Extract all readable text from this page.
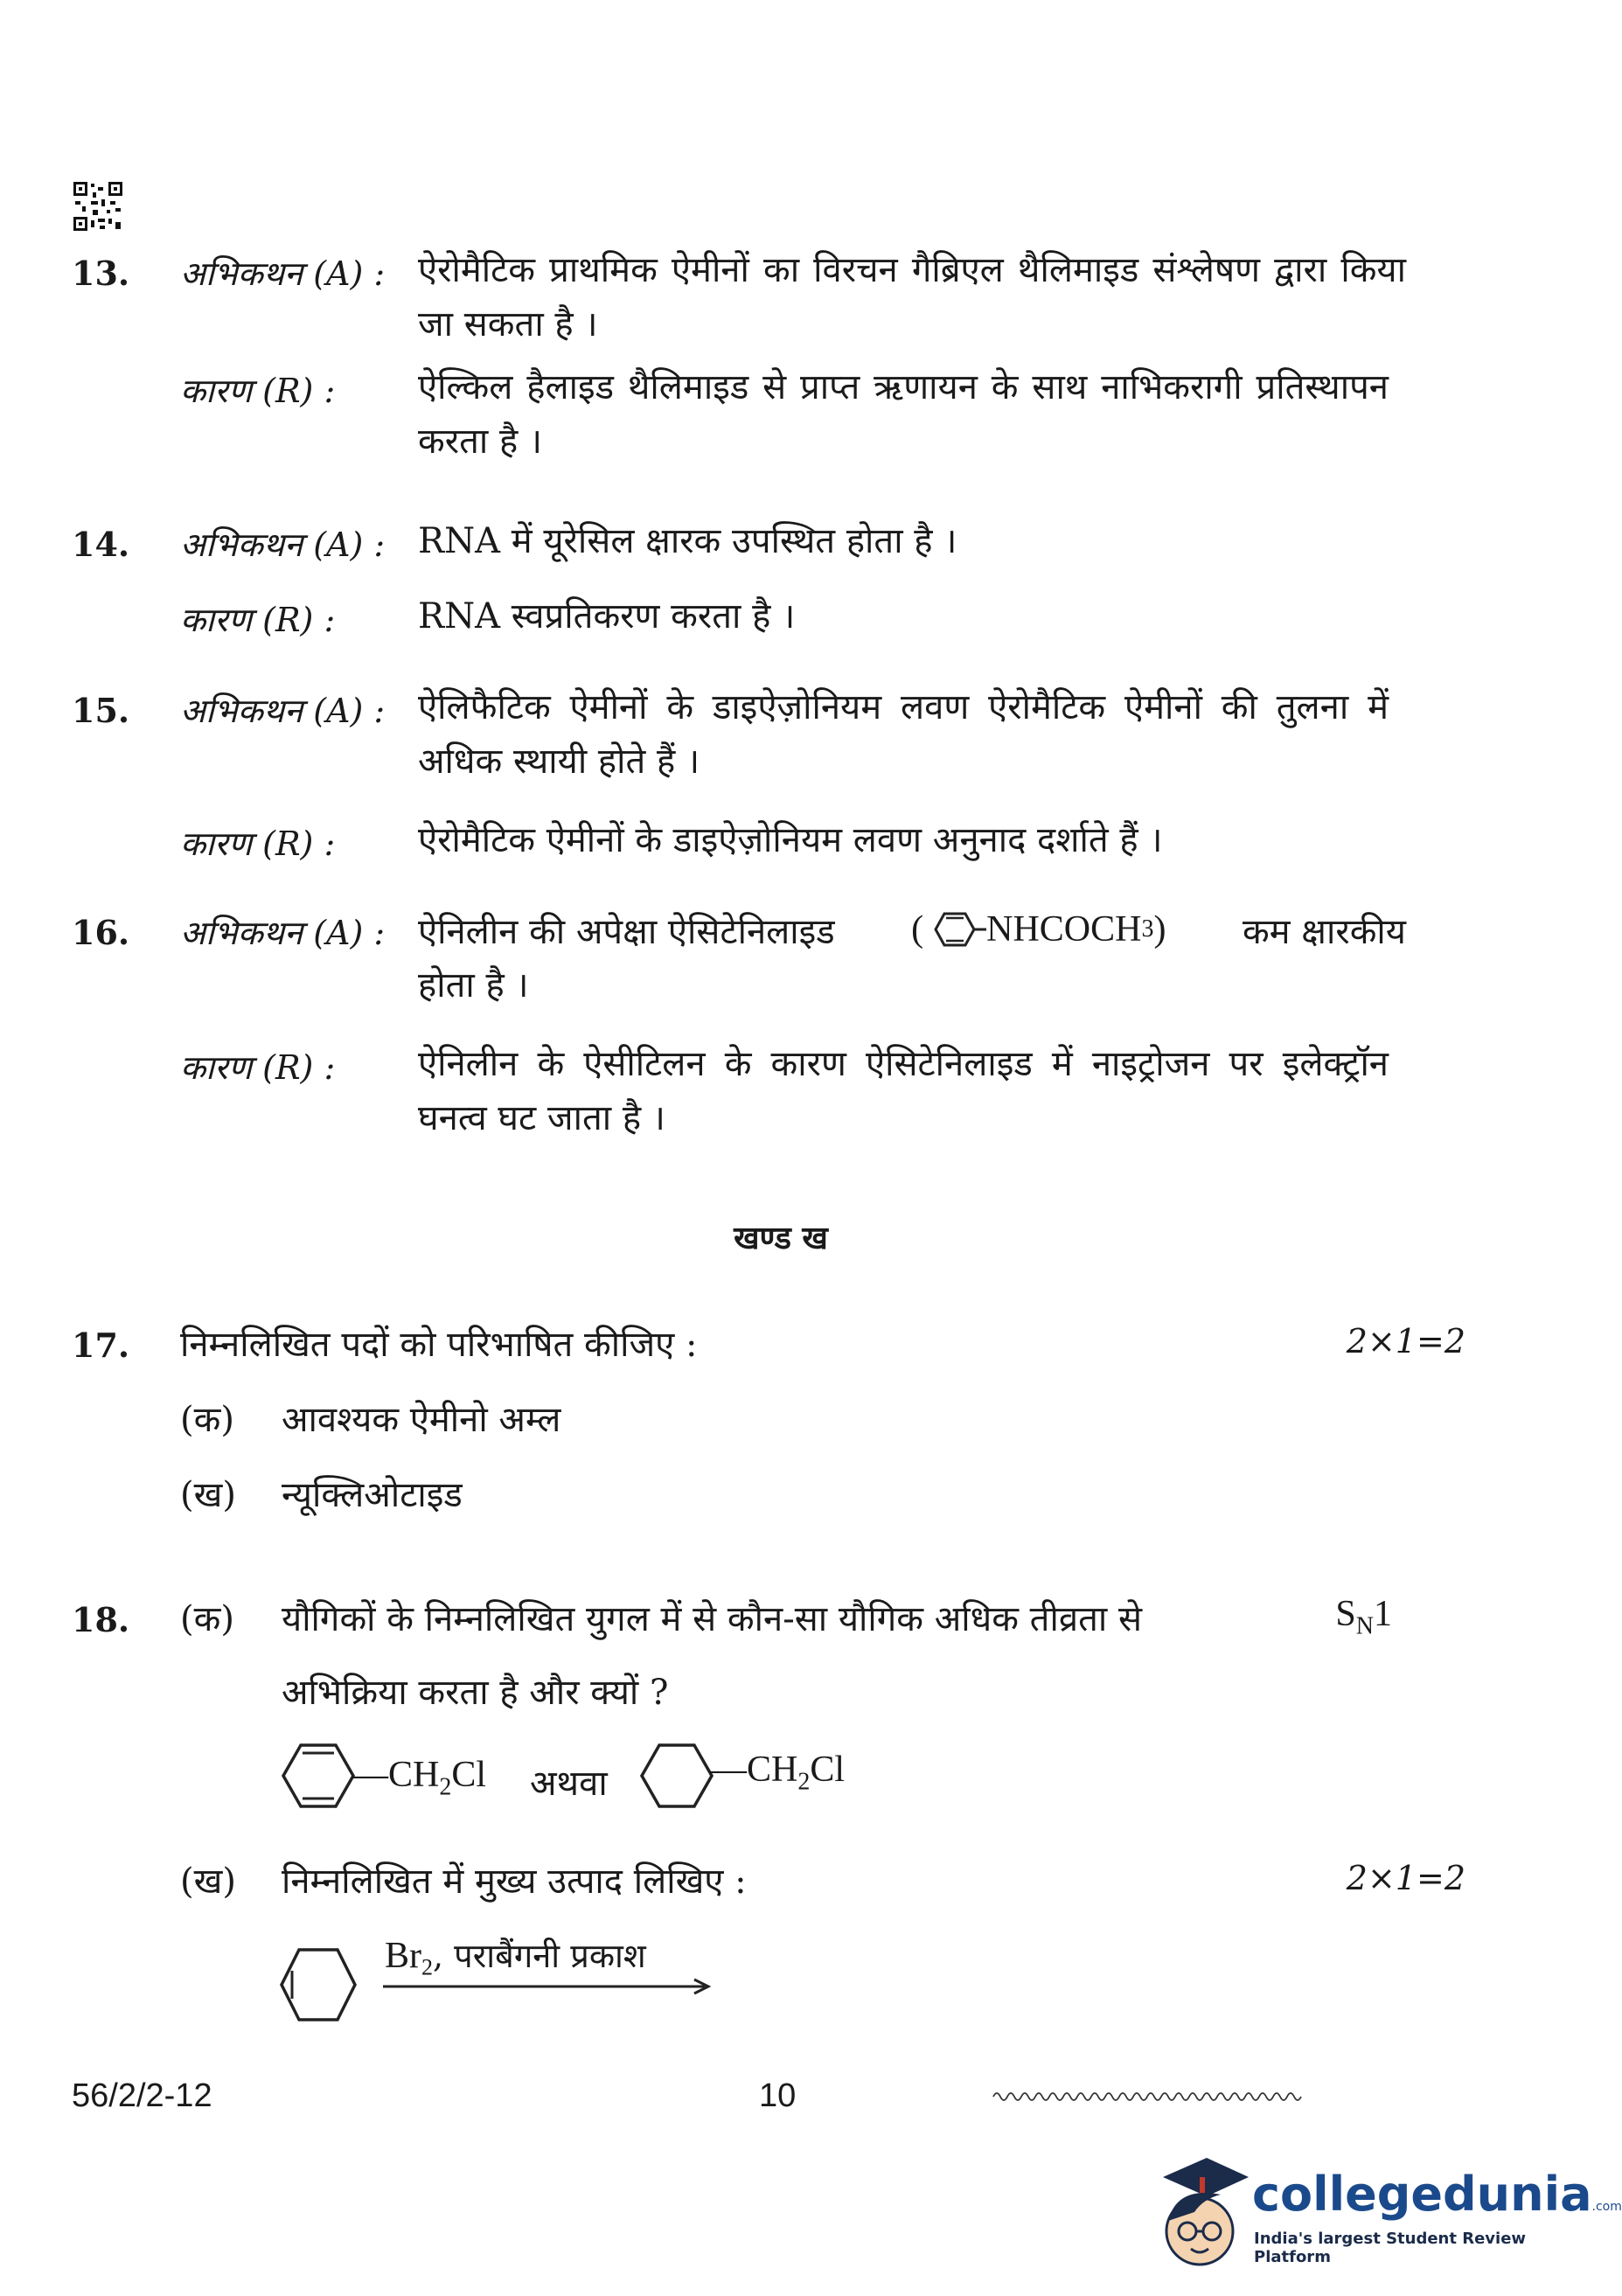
13. अभिकथन (A) : ऐरोमैटिक प्राथमिक ऐमीनों का विरचन गैब्रिएल थैलिमाइड संश्लेषण द्वारा किया जा सकता है ।
कारण (R) : ऐल्किल हैलाइड थैलिमाइड से प्राप्त ऋणायन के साथ नाभिकरागी प्रतिस्थापन करता है ।
14. अभिकथन (A) : RNA में यूरेसिल क्षारक उपस्थित होता है ।
कारण (R) : RNA स्वप्रतिकरण करता है ।
15. अभिकथन (A) : ऐलिफैटिक ऐमीनों के डाइऐज़ोनियम लवण ऐरोमैटिक ऐमीनों की तुलना में अधिक स्थायी होते हैं ।
कारण (R) : ऐरोमैटिक ऐमीनों के डाइऐज़ोनियम लवण अनुनाद दर्शाते हैं ।
16. अभिकथन (A) : ऐनिलीन की अपेक्षा ऐसिटेनिलाइड ( NHCOCH 3 ) कम क्षारकीय
होता है ।
कारण (R) : ऐनिलीन के ऐसीटिलन के कारण ऐसिटेनिलाइड में नाइट्रोजन पर इलेक्ट्रॉन घनत्व घट जाता है ।
खण्ड ख
17. निम्नलिखित पदों को परिभाषित कीजिए :	2×1=2
(क) आवश्यक ऐमीनो अम्ल
(ख) न्यूक्लिओटाइड
18. (क) यौगिकों के निम्नलिखित युगल में से कौन-सा यौगिक अधिक तीव्रता से	$S_N1$
अभिक्रिया करता है और क्यों ?
$—CH_2Cl$ अथवा	$—CH_2Cl$
(ख) निम्नलिखित में मुख्य उत्पाद लिखिए :	2×1=2
$Br_2$, पराबैंगनी प्रकाश
56/2/2-12	10
collegedunia.com
India's largest Student Review Platform
